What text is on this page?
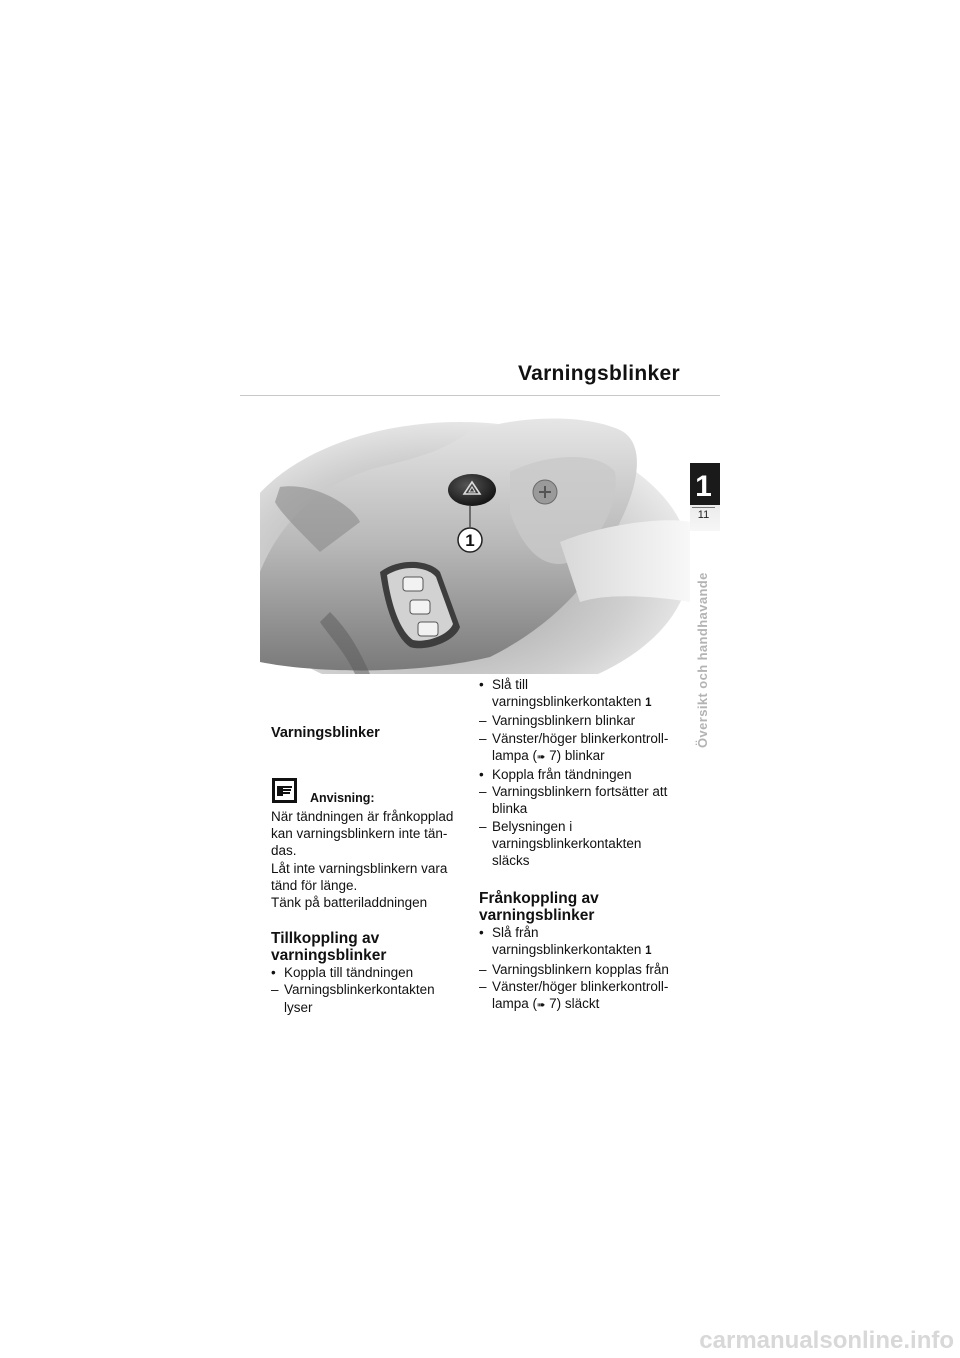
Varningsblinker
1
11
Översikt och handhavande
1
Varningsblinker
Anvisning:

När tändningen är frånkopplad

kan varningsblinkern inte tän-

das.

Låt inte varningsblinkern vara

tänd för länge.

Tänk på batteriladdningen

Tillkoppling av
varningsblinker

• Koppla till tändningen

– Varningsblinkerkontakten lyser

• Slå till varningsblinkerkontakten 1

– Varningsblinkern blinkar

– Vänster/höger blinkerkontroll-lampa (➠ 7) blinkar

• Koppla från tändningen

– Varningsblinkern fortsätter att blinka

– Belysningen i varningsblinkerkontakten släcks

Frånkoppling av
varningsblinker

• Slå från varningsblinkerkontakten 1

– Varningsblinkern kopplas från

– Vänster/höger blinkerkontroll-lampa (➠ 7) släckt

carmanualsonline.info
